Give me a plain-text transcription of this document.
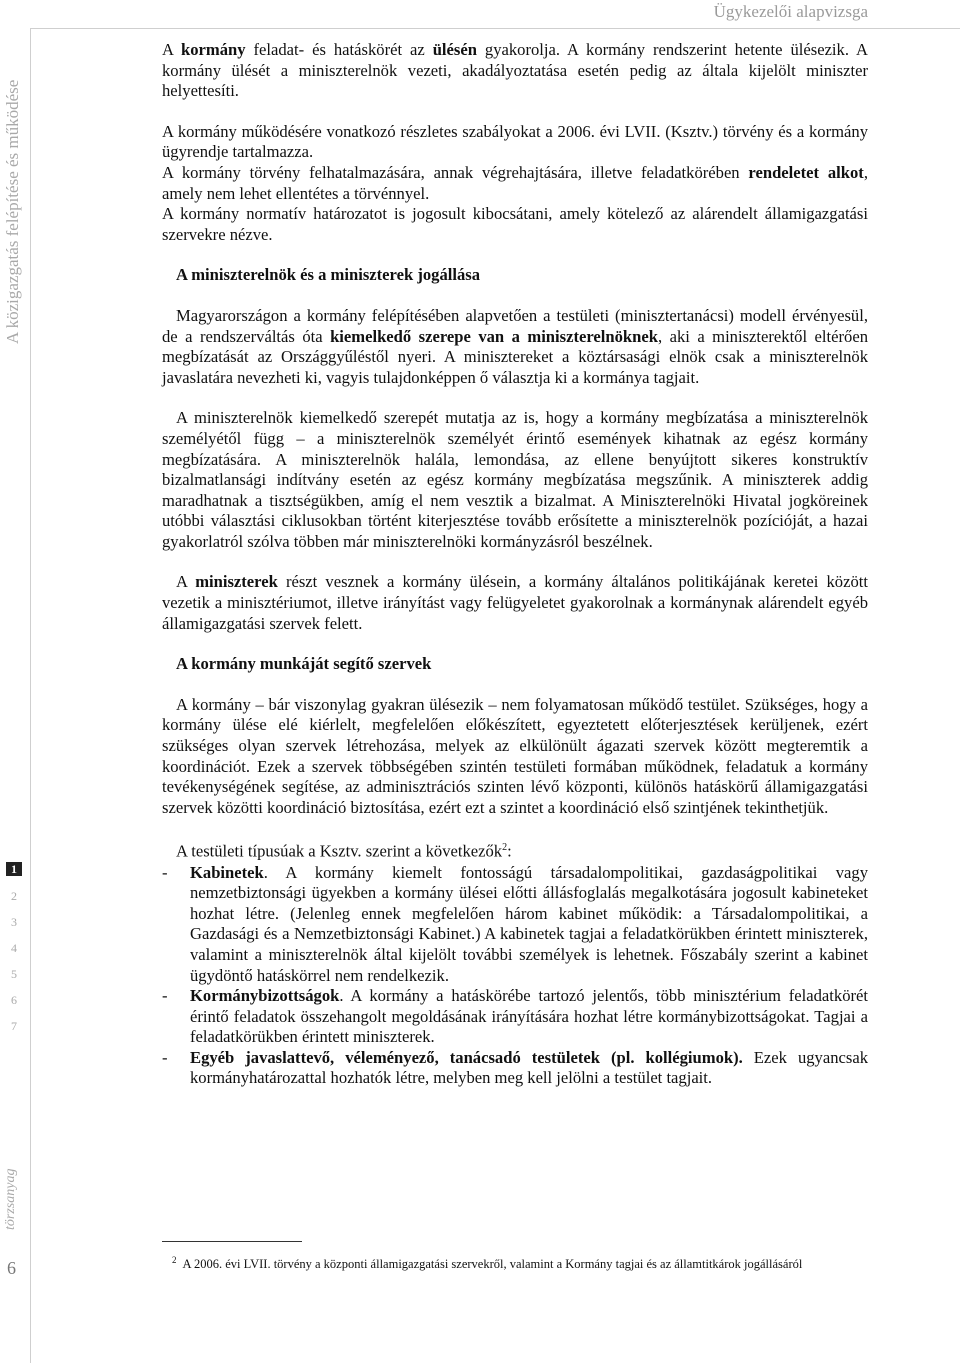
Ügykezelői alapvizsga
A közigazgatás felépítése és működése
1
2
3
4
5
6
7
törzsanyag
6

A kormány feladat- és hatáskörét az ülésén gyakorolja. A kormány rendszerint hetente ülésezik. A kormány ülését a miniszterelnök vezeti, akadályoztatása esetén pedig az általa kijelölt miniszter helyettesíti.

A kormány működésére vonatkozó részletes szabályokat a 2006. évi LVII. (Ksztv.) törvény és a kormány ügyrendje tartalmazza.

A kormány törvény felhatalmazására, annak végrehajtására, illetve feladatkörében rendeletet alkot, amely nem lehet ellentétes a törvénnyel.

A kormány normatív határozatot is jogosult kibocsátani, amely kötelező az alárendelt államigazgatási szervekre nézve.

A miniszterelnök és a miniszterek jogállása

Magyarországon a kormány felépítésében alapvetően a testületi (minisztertanácsi) modell érvényesül, de a rendszerváltás óta kiemelkedő szerepe van a miniszterelnöknek, aki a miniszterektől eltérően megbízatását az Országgyűléstől nyeri. A minisztereket a köztársasági elnök csak a miniszterelnök javaslatára nevezheti ki, vagyis tulajdonképpen ő választja ki a kormánya tagjait.

A miniszterelnök kiemelkedő szerepét mutatja az is, hogy a kormány megbízatása a miniszterelnök személyétől függ – a miniszterelnök személyét érintő események kihatnak az egész kormány megbízatására. A miniszterelnök halála, lemondása, az ellene benyújtott sikeres konstruktív bizalmatlansági indítvány esetén az egész kormány megbízatása megszűnik. A miniszterek addig maradhatnak a tisztségükben, amíg el nem vesztik a bizalmat. A Miniszterelnöki Hivatal jogköreinek utóbbi választási ciklusokban történt kiterjesztése tovább erősítette a miniszterelnök pozícióját, a hazai gyakorlatról szólva többen már miniszterelnöki kormányzásról beszélnek.

A miniszterek részt vesznek a kormány ülésein, a kormány általános politikájának keretei között vezetik a minisztériumot, illetve irányítást vagy felügyeletet gyakorolnak a kormánynak alárendelt egyéb államigazgatási szervek felett.

A kormány munkáját segítő szervek

A kormány – bár viszonylag gyakran ülésezik – nem folyamatosan működő testület. Szükséges, hogy a kormány ülése elé kiérlelt, megfelelően előkészített, egyeztetett előterjesztések kerüljenek, ezért szükséges olyan szervek létrehozása, melyek az elkülönült ágazati szervek között megteremtik a koordinációt. Ezek a szervek többségében szintén testületi formában működnek, feladatuk a kormány tevékenységének segítése, az adminisztrációs szinten lévő központi, különös hatáskörű államigazgatási szervek közötti koordináció biztosítása, ezért ezt a szintet a koordináció első szintjének tekinthetjük.

A testületi típusúak a Ksztv. szerint a következők$^2$:

- Kabinetek. A kormány kiemelt fontosságú társadalompolitikai, gazdaságpolitikai vagy nemzetbiztonsági ügyekben a kormány ülései előtti állásfoglalás megalkotására jogosult kabineteket hozhat létre. (Jelenleg ennek megfelelően három kabinet működik: a Társadalompolitikai, a Gazdasági és a Nemzetbiztonsági Kabinet.) A kabinetek tagjai a feladatkörükben érintett miniszterek, valamint a miniszterelnök által kijelölt további személyek is lehetnek. Főszabály szerint a kabinet ügydöntő hatáskörrel nem rendelkezik.
- Kormánybizottságok. A kormány a hatáskörébe tartozó jelentős, több minisztérium feladatkörét érintő feladatok összehangolt megoldásának irányítására hozhat létre kormánybizottságokat. Tagjai a feladatkörükben érintett miniszterek.
- Egyéb javaslattevő, véleményező, tanácsadó testületek (pl. kollégiumok). Ezek ugyancsak kormányhatározattal hozhatók létre, melyben meg kell jelölni a testület tagjait.
$^2$ A 2006. évi LVII. törvény a központi államigazgatási szervekről, valamint a Kormány tagjai és az államtitkárok jogállásáról
